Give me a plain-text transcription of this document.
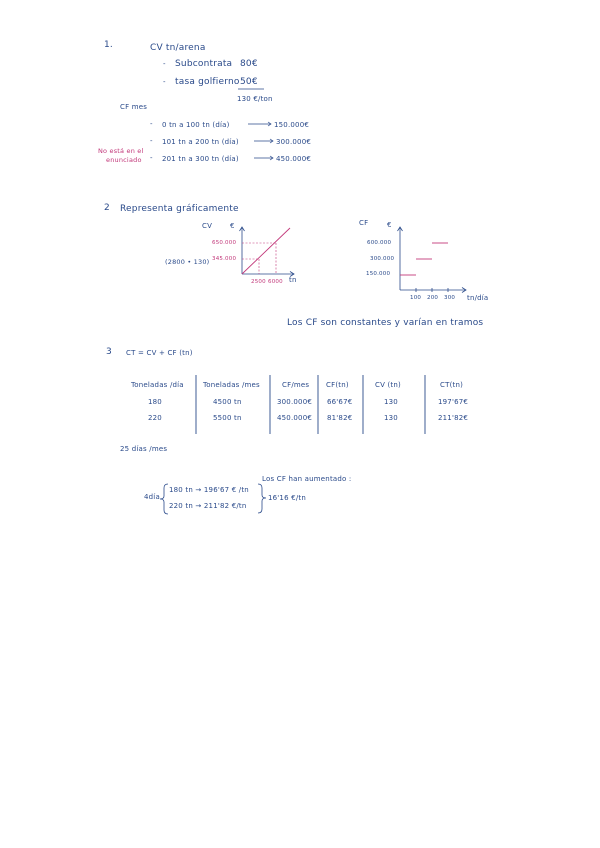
1.	CV tn/arena
- Subcontrata 80€
- tasa golfierno 50€
130 €/ton
CF mes
- 0 tn a 100 tn (día)	150.000€
- 101 tn a 200 tn (día)	300.000€
- 201 tn a 300 tn (día)	450.000€
No está en el
enunciado
2 Representa gráficamente
CV	€
650.000
345.000
(2800 • 130)
2500 6000 tn
CF	€
600.000
300.000
150.000
100 200 300 tn/día
Los CF son constantes y varían en tramos
3 CT = CV + CF (tn)
Toneladas /día	Toneladas /mes	CF/mes CF(tn)	CV (tn)	CT(tn)
180	4500 tn	300.000€ 66'67€	130	197'67€
220	5500 tn	450.000€ 81'82€	130	211'82€
25 días /mes
4día
180 tn → 196'67 € /tn
220 tn → 211'82 €/tn
Los CF han aumentado :
16'16 €/tn
